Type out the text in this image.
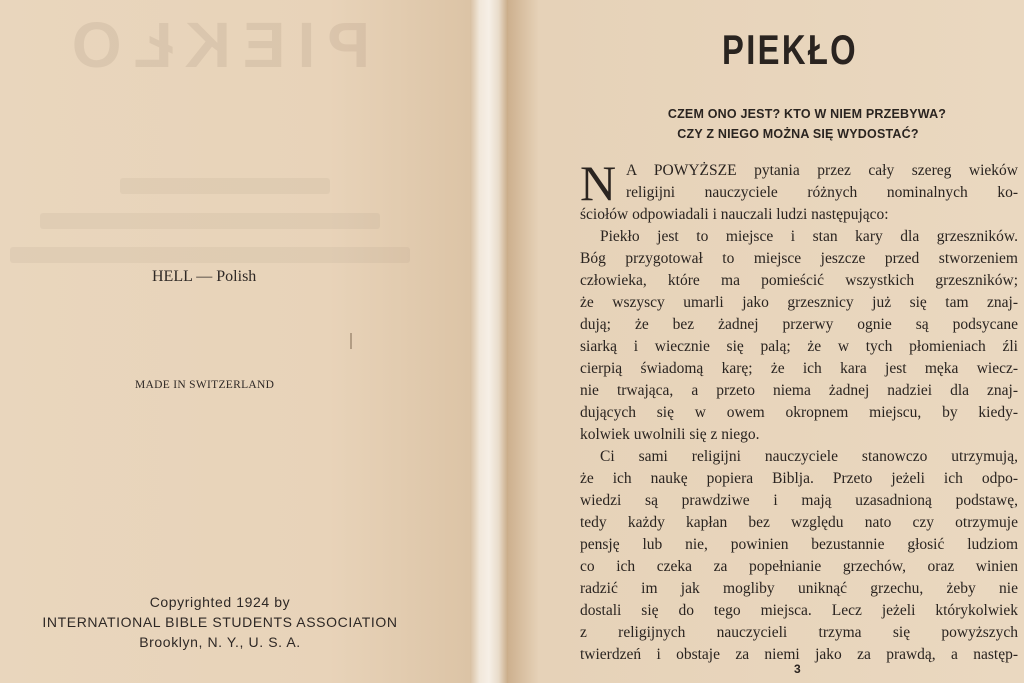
PIEKŁO
HELL — Polish
MADE IN SWITZERLAND
Copyrighted 1924 by
INTERNATIONAL BIBLE STUDENTS ASSOCIATION
Brooklyn, N. Y., U. S. A.
PIEKŁO
CZEM ONO JEST? KTO W NIEM PRZEBYWA?
CZY Z NIEGO MOŻNA SIĘ WYDOSTAĆ?
N A POWYŻSZE pytania przez cały szereg wieków
religijni nauczyciele różnych nominalnych ko-
ściołów odpowiadali i nauczali ludzi następująco:
Piekło jest to miejsce i stan kary dla grzeszników.
Bóg przygotował to miejsce jeszcze przed stworzeniem
człowieka, które ma pomieścić wszystkich grzeszników;
że wszyscy umarli jako grzesznicy już się tam znaj-
dują; że bez żadnej przerwy ognie są podsycane
siarką i wiecznie się palą; że w tych płomieniach źli
cierpią świadomą karę; że ich kara jest męka wiecz-
nie trwająca, a przeto niema żadnej nadziei dla znaj-
dujących się w owem okropnem miejscu, by kiedy-
kolwiek uwolnili się z niego.
Ci sami religijni nauczyciele stanowczo utrzymują,
że ich naukę popiera Biblja. Przeto jeżeli ich odpo-
wiedzi są prawdziwe i mają uzasadnioną podstawę,
tedy każdy kapłan bez względu nato czy otrzymuje
pensję lub nie, powinien bezustannie głosić ludziom
co ich czeka za popełnianie grzechów, oraz winien
radzić im jak mogliby uniknąć grzechu, żeby nie
dostali się do tego miejsca. Lecz jeżeli którykolwiek
z religijnych nauczycieli trzyma się powyższych
twierdzeń i obstaje za niemi jako za prawdą, a następ-
3
